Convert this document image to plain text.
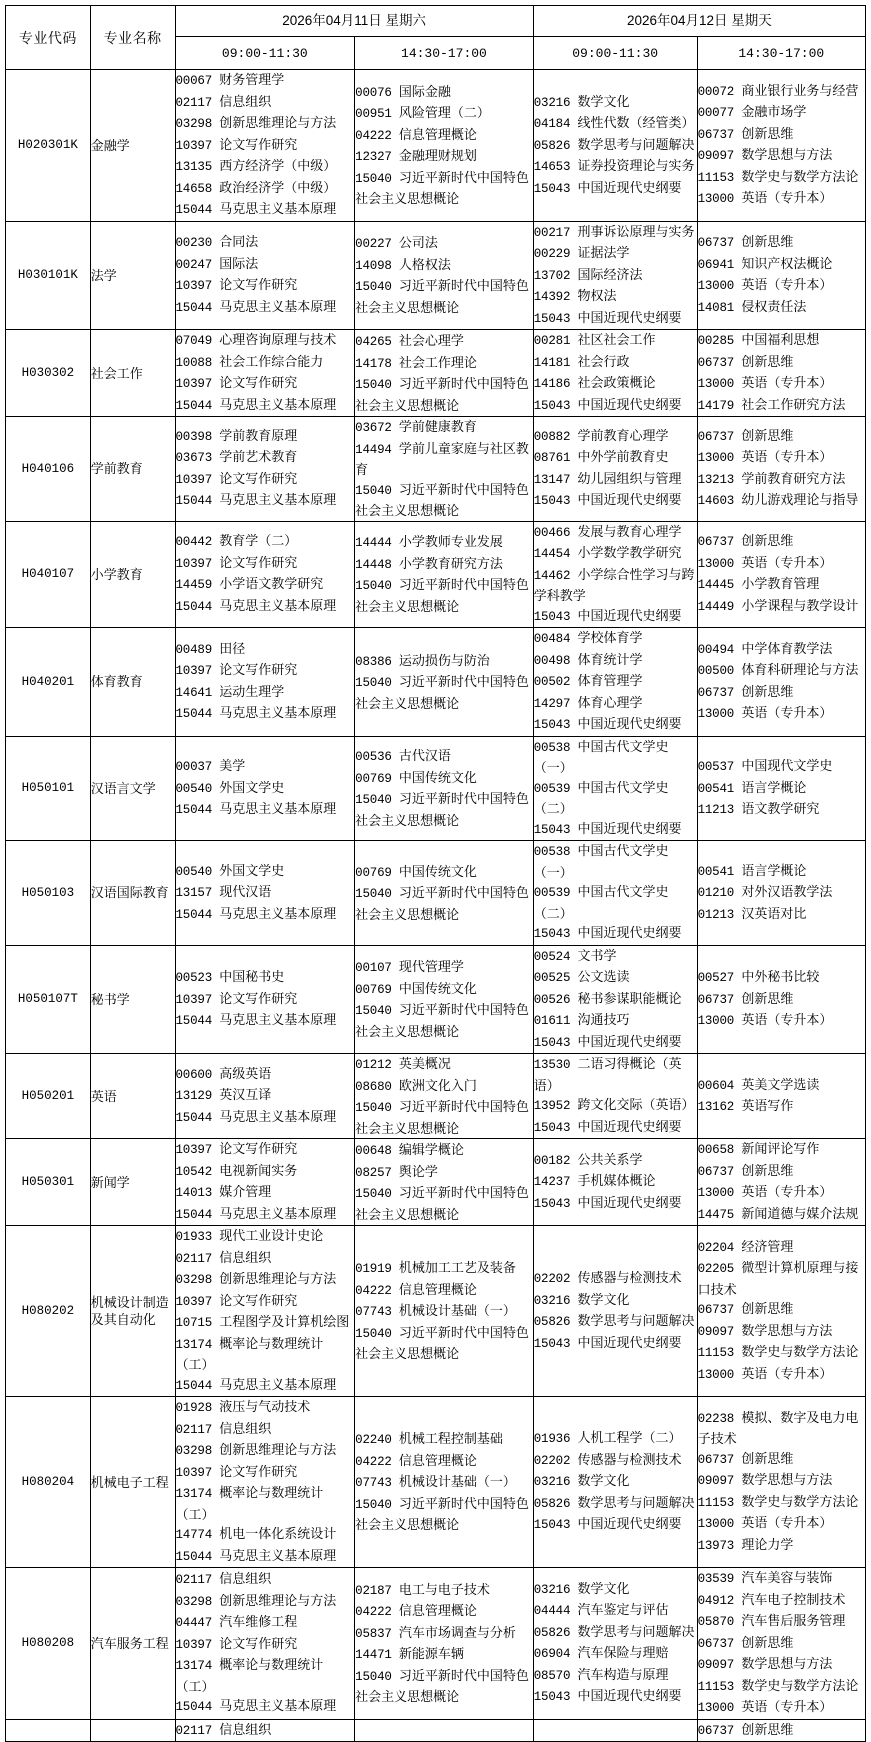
专业代码	专业名称	2026年04月11日 星期六		2026年04月12日 星期天	
		09:00-11:30	14:30-17:00	09:00-11:30	14:30-17:00
H020301K	金融学	
00067 财务管理学
02117 信息组织
03298 创新思维理论与方法
10397 论文写作研究
13135 西方经济学（中级）
14658 政治经济学（中级）
15044 马克思主义基本原理

00076 国际金融
00951 风险管理（二）
04222 信息管理概论
12327 金融理财规划
15040 习近平新时代中国特色社会主义思想概论

03216 数学文化
04184 线性代数（经管类）
05826 数学思考与问题解决
14653 证券投资理论与实务
15043 中国近现代史纲要

00072 商业银行业务与经营
00077 金融市场学
06737 创新思维
09097 数学思想与方法
11153 数学史与数学方法论
13000 英语（专升本）

H030101K	法学	
00230 合同法
00247 国际法
10397 论文写作研究
15044 马克思主义基本原理

00227 公司法
14098 人格权法
15040 习近平新时代中国特色社会主义思想概论

00217 刑事诉讼原理与实务
00229 证据法学
13702 国际经济法
14392 物权法
15043 中国近现代史纲要

06737 创新思维
06941 知识产权法概论
13000 英语（专升本）
14081 侵权责任法

H030302	社会工作	
07049 心理咨询原理与技术
10088 社会工作综合能力
10397 论文写作研究
15044 马克思主义基本原理

04265 社会心理学
14178 社会工作理论
15040 习近平新时代中国特色社会主义思想概论

00281 社区社会工作
14181 社会行政
14186 社会政策概论
15043 中国近现代史纲要

00285 中国福利思想
06737 创新思维
13000 英语（专升本）
14179 社会工作研究方法

H040106	学前教育	
00398 学前教育原理
03673 学前艺术教育
10397 论文写作研究
15044 马克思主义基本原理

03672 学前健康教育
14494 学前儿童家庭与社区教育
15040 习近平新时代中国特色社会主义思想概论

00882 学前教育心理学
08761 中外学前教育史
13147 幼儿园组织与管理
15043 中国近现代史纲要

06737 创新思维
13000 英语（专升本）
13213 学前教育研究方法
14603 幼儿游戏理论与指导

H040107	小学教育	
00442 教育学（二）
10397 论文写作研究
14459 小学语文教学研究
15044 马克思主义基本原理

14444 小学教师专业发展
14448 小学教育研究方法
15040 习近平新时代中国特色社会主义思想概论

00466 发展与教育心理学
14454 小学数学教学研究
14462 小学综合性学习与跨学科教学
15043 中国近现代史纲要

06737 创新思维
13000 英语（专升本）
14445 小学教育管理
14449 小学课程与教学设计

H040201	体育教育	
00489 田径
10397 论文写作研究
14641 运动生理学
15044 马克思主义基本原理

08386 运动损伤与防治
15040 习近平新时代中国特色社会主义思想概论

00484 学校体育学
00498 体育统计学
00502 体育管理学
14297 体育心理学
15043 中国近现代史纲要

00494 中学体育教学法
00500 体育科研理论与方法
06737 创新思维
13000 英语（专升本）

H050101	汉语言文学	
00037 美学
00540 外国文学史
15044 马克思主义基本原理

00536 古代汉语
00769 中国传统文化
15040 习近平新时代中国特色社会主义思想概论

00538 中国古代文学史（一）
00539 中国古代文学史（二）
15043 中国近现代史纲要

00537 中国现代文学史
00541 语言学概论
11213 语文教学研究

H050103	汉语国际教育	
00540 外国文学史
13157 现代汉语
15044 马克思主义基本原理

00769 中国传统文化
15040 习近平新时代中国特色社会主义思想概论

00538 中国古代文学史（一）
00539 中国古代文学史（二）
15043 中国近现代史纲要

00541 语言学概论
01210 对外汉语教学法
01213 汉英语对比

H050107T	秘书学	
00523 中国秘书史
10397 论文写作研究
15044 马克思主义基本原理

00107 现代管理学
00769 中国传统文化
15040 习近平新时代中国特色社会主义思想概论

00524 文书学
00525 公文选读
00526 秘书参谋职能概论
01611 沟通技巧
15043 中国近现代史纲要

00527 中外秘书比较
06737 创新思维
13000 英语（专升本）

H050201	英语	
00600 高级英语
13129 英汉互译
15044 马克思主义基本原理

01212 英美概况
08680 欧洲文化入门
15040 习近平新时代中国特色社会主义思想概论

13530 二语习得概论（英语）
13952 跨文化交际（英语）
15043 中国近现代史纲要

00604 英美文学选读
13162 英语写作

H050301	新闻学	
10397 论文写作研究
10542 电视新闻实务
14013 媒介管理
15044 马克思主义基本原理

00648 编辑学概论
08257 舆论学
15040 习近平新时代中国特色社会主义思想概论

00182 公共关系学
14237 手机媒体概论
15043 中国近现代史纲要

00658 新闻评论写作
06737 创新思维
13000 英语（专升本）
14475 新闻道德与媒介法规

H080202	机械设计制造及其自动化	
01933 现代工业设计史论
02117 信息组织
03298 创新思维理论与方法
10397 论文写作研究
10715 工程图学及计算机绘图
13174 概率论与数理统计（工）
15044 马克思主义基本原理

01919 机械加工工艺及装备
04222 信息管理概论
07743 机械设计基础（一）
15040 习近平新时代中国特色社会主义思想概论

02202 传感器与检测技术
03216 数学文化
05826 数学思考与问题解决
15043 中国近现代史纲要

02204 经济管理
02205 微型计算机原理与接口技术
06737 创新思维
09097 数学思想与方法
11153 数学史与数学方法论
13000 英语（专升本）

H080204	机械电子工程	
01928 液压与气动技术
02117 信息组织
03298 创新思维理论与方法
10397 论文写作研究
13174 概率论与数理统计（工）
14774 机电一体化系统设计
15044 马克思主义基本原理

02240 机械工程控制基础
04222 信息管理概论
07743 机械设计基础（一）
15040 习近平新时代中国特色社会主义思想概论

01936 人机工程学（二）
02202 传感器与检测技术
03216 数学文化
05826 数学思考与问题解决
15043 中国近现代史纲要

02238 模拟、数字及电力电子技术
06737 创新思维
09097 数学思想与方法
11153 数学史与数学方法论
13000 英语（专升本）
13973 理论力学

H080208	汽车服务工程	
02117 信息组织
03298 创新思维理论与方法
04447 汽车维修工程
10397 论文写作研究
13174 概率论与数理统计（工）
15044 马克思主义基本原理

02187 电工与电子技术
04222 信息管理概论
05837 汽车市场调查与分析
14471 新能源车辆
15040 习近平新时代中国特色社会主义思想概论

03216 数学文化
04444 汽车鉴定与评估
05826 数学思考与问题解决
06904 汽车保险与理赔
08570 汽车构造与原理
15043 中国近现代史纲要

03539 汽车美容与装饰
04912 汽车电子控制技术
05870 汽车售后服务管理
06737 创新思维
09097 数学思想与方法
11153 数学史与数学方法论
13000 英语（专升本）

02117 信息组织			06737 创新思维
